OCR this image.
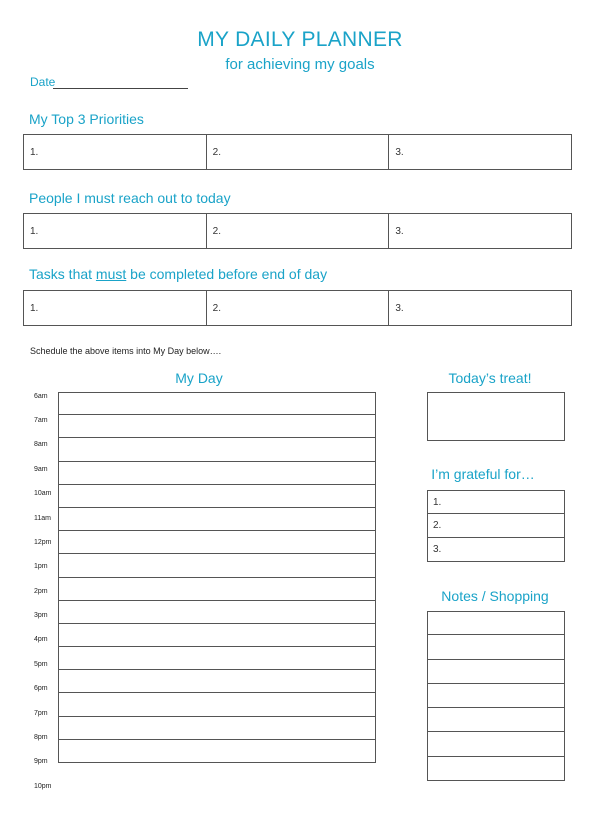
MY DAILY PLANNER
for achieving my goals
Date
My Top 3 Priorities
1.	2.	3.
People I must reach out to today
1.	2.	3.
Tasks that must be completed before end of day
1.	2.	3.
Schedule the above items into My Day below….
My Day	Today’s treat!
6am
7am
8am
9am
10am
11am
12pm
1pm
2pm
3pm
4pm
5pm
6pm
7pm
8pm
9pm
10pm
I’m grateful for…
1.
2.
3.
Notes / Shopping
